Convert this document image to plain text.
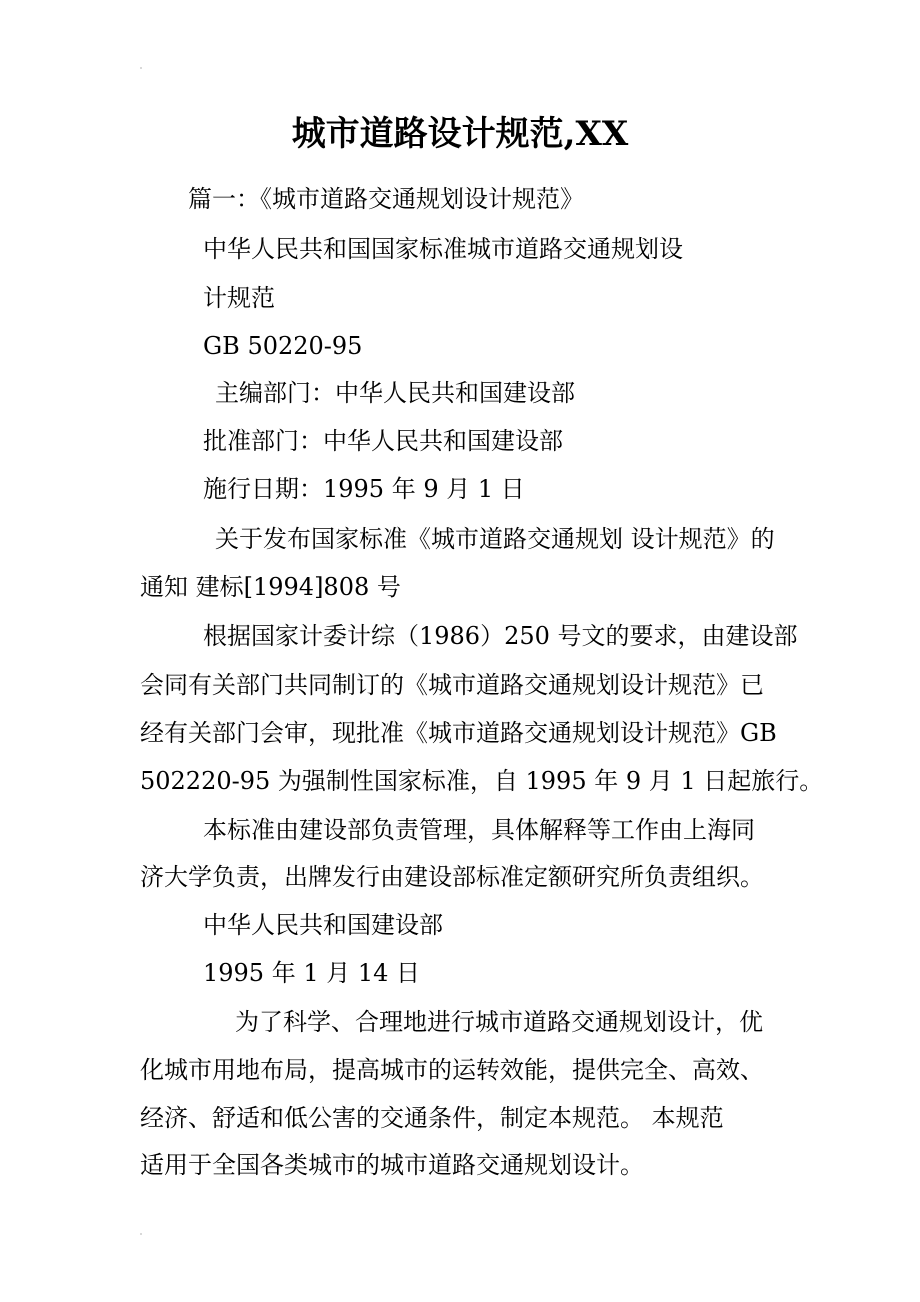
城市道路设计规范,XX

篇一：《城市道路交通规划设计规范》

中华人民共和国国家标准城市道路交通规划设

计规范

GB 50220-95

主编部门：中华人民共和国建设部

批准部门：中华人民共和国建设部

施行日期：1995 年 9 月 1 日

关于发布国家标准《城市道路交通规划 设计规范》的

通知 建标[1994]808 号

根据国家计委计综（1986）250 号文的要求，由建设部

会同有关部门共同制订的《城市道路交通规划设计规范》已

经有关部门会审，现批准《城市道路交通规划设计规范》GB

502220-95 为强制性国家标准，自 1995 年 9 月 1 日起旅行。

本标准由建设部负责管理，具体解释等工作由上海同

济大学负责，出牌发行由建设部标准定额研究所负责组织。

中华人民共和国建设部

1995 年 1 月 14 日

为了科学、合理地进行城市道路交通规划设计，优

化城市用地布局，提高城市的运转效能，提供完全、高效、

经济、舒适和低公害的交通条件，制定本规范。 本规范

适用于全国各类城市的城市道路交通规划设计。
